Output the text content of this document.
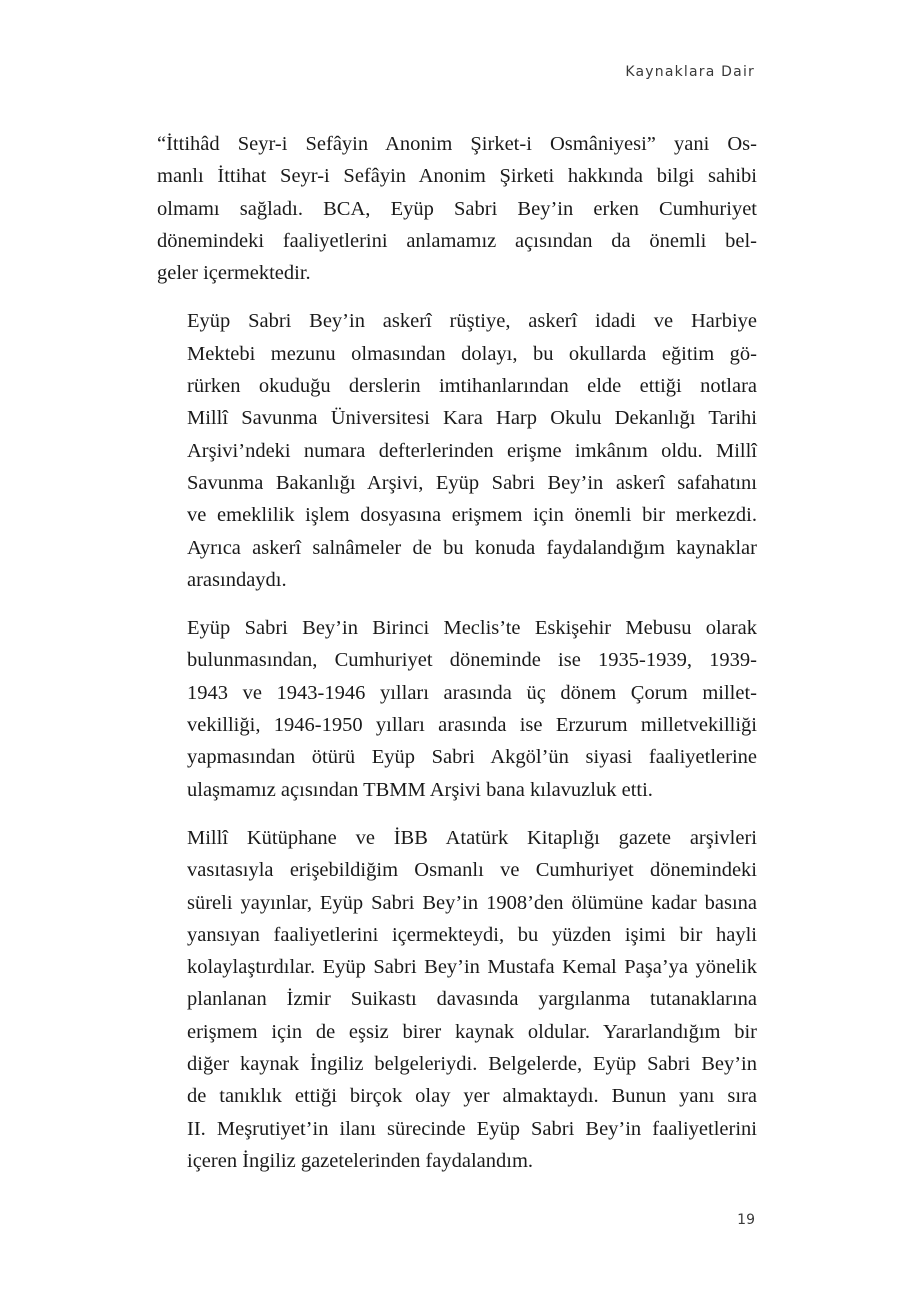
Kaynaklara Dair

“İttihâd Seyr-i Sefâyin Anonim Şirket-i Osmâniyesi” yani Os-
manlı İttihat Seyr-i Sefâyin Anonim Şirketi hakkında bilgi sahibi
olmamı sağladı. BCA, Eyüp Sabri Bey’in erken Cumhuriyet
dönemindeki faaliyetlerini anlamamız açısından da önemli bel-
geler içermektedir.

Eyüp Sabri Bey’in askerî rüştiye, askerî idadi ve Harbiye
Mektebi mezunu olmasından dolayı, bu okullarda eğitim gö-
rürken okuduğu derslerin imtihanlarından elde ettiği notlara
Millî Savunma Üniversitesi Kara Harp Okulu Dekanlığı Tarihi
Arşivi’ndeki numara defterlerinden erişme imkânım oldu. Millî
Savunma Bakanlığı Arşivi, Eyüp Sabri Bey’in askerî safahatını
ve emeklilik işlem dosyasına erişmem için önemli bir merkezdi.
Ayrıca askerî salnâmeler de bu konuda faydalandığım kaynaklar
arasındaydı.

Eyüp Sabri Bey’in Birinci Meclis’te Eskişehir Mebusu olarak
bulunmasından, Cumhuriyet döneminde ise 1935-1939, 1939-
1943 ve 1943-1946 yılları arasında üç dönem Çorum millet-
vekilliği, 1946-1950 yılları arasında ise Erzurum milletvekilliği
yapmasından ötürü Eyüp Sabri Akgöl’ün siyasi faaliyetlerine
ulaşmamız açısından TBMM Arşivi bana kılavuzluk etti.

Millî Kütüphane ve İBB Atatürk Kitaplığı gazete arşivleri
vasıtasıyla erişebildiğim Osmanlı ve Cumhuriyet dönemindeki
süreli yayınlar, Eyüp Sabri Bey’in 1908’den ölümüne kadar basına
yansıyan faaliyetlerini içermekteydi, bu yüzden işimi bir hayli
kolaylaştırdılar. Eyüp Sabri Bey’in Mustafa Kemal Paşa’ya yönelik
planlanan İzmir Suikastı davasında yargılanma tutanaklarına
erişmem için de eşsiz birer kaynak oldular. Yararlandığım bir
diğer kaynak İngiliz belgeleriydi. Belgelerde, Eyüp Sabri Bey’in
de tanıklık ettiği birçok olay yer almaktaydı. Bunun yanı sıra
II. Meşrutiyet’in ilanı sürecinde Eyüp Sabri Bey’in faaliyetlerini
içeren İngiliz gazetelerinden faydalandım.

19
